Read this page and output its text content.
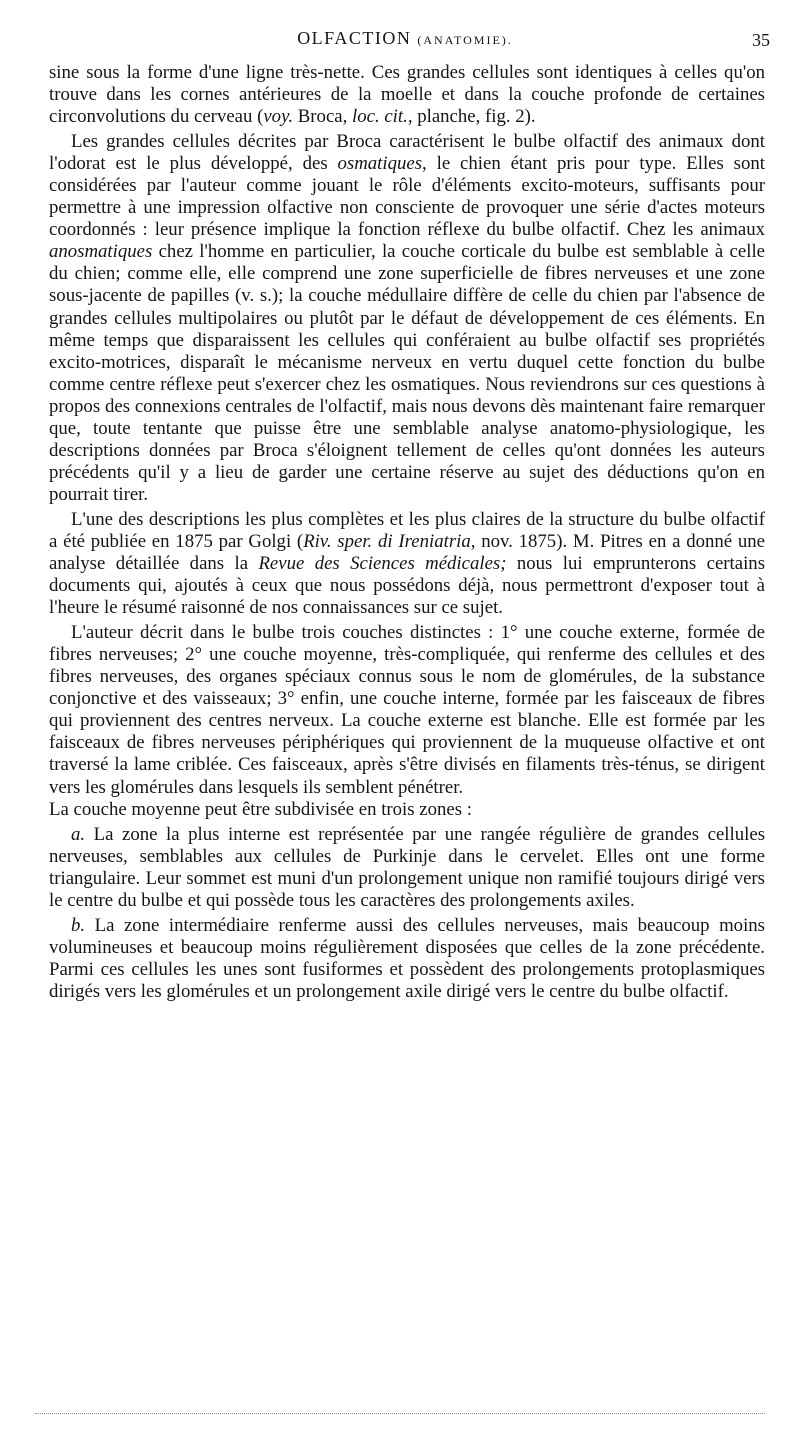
OLFACTION (ANATOMIE).	35

sine sous la forme d'une ligne très-nette. Ces grandes cellules sont identiques à celles qu'on trouve dans les cornes antérieures de la moelle et dans la couche profonde de certaines circonvolutions du cerveau (voy. Broca, loc. cit., planche, fig. 2).

Les grandes cellules décrites par Broca caractérisent le bulbe olfactif des animaux dont l'odorat est le plus développé, des osmatiques, le chien étant pris pour type. Elles sont considérées par l'auteur comme jouant le rôle d'éléments excito-moteurs, suffisants pour permettre à une impression olfactive non consciente de provoquer une série d'actes moteurs coordonnés : leur présence implique la fonction réflexe du bulbe olfactif. Chez les animaux anosmatiques chez l'homme en particulier, la couche corticale du bulbe est semblable à celle du chien; comme elle, elle comprend une zone superficielle de fibres nerveuses et une zone sous-jacente de papilles (v. s.); la couche médullaire diffère de celle du chien par l'absence de grandes cellules multipolaires ou plutôt par le défaut de développement de ces éléments. En même temps que disparaissent les cellules qui conféraient au bulbe olfactif ses propriétés excito-motrices, disparaît le mécanisme nerveux en vertu duquel cette fonction du bulbe comme centre réflexe peut s'exercer chez les osmatiques. Nous reviendrons sur ces questions à propos des connexions centrales de l'olfactif, mais nous devons dès maintenant faire remarquer que, toute tentante que puisse être une semblable analyse anatomo-physiologique, les descriptions données par Broca s'éloignent tellement de celles qu'ont données les auteurs précédents qu'il y a lieu de garder une certaine réserve au sujet des déductions qu'on en pourrait tirer.

L'une des descriptions les plus complètes et les plus claires de la structure du bulbe olfactif a été publiée en 1875 par Golgi (Riv. sper. di Ireniatria, nov. 1875). M. Pitres en a donné une analyse détaillée dans la Revue des Sciences médicales; nous lui emprunterons certains documents qui, ajoutés à ceux que nous possédons déjà, nous permettront d'exposer tout à l'heure le résumé raisonné de nos connaissances sur ce sujet.

L'auteur décrit dans le bulbe trois couches distinctes : 1° une couche externe, formée de fibres nerveuses; 2° une couche moyenne, très-compliquée, qui renferme des cellules et des fibres nerveuses, des organes spéciaux connus sous le nom de glomérules, de la substance conjonctive et des vaisseaux; 3° enfin, une couche interne, formée par les faisceaux de fibres qui proviennent des centres nerveux. La couche externe est blanche. Elle est formée par les faisceaux de fibres nerveuses périphériques qui proviennent de la muqueuse olfactive et ont traversé la lame criblée. Ces faisceaux, après s'être divisés en filaments très-ténus, se dirigent vers les glomérules dans lesquels ils semblent pénétrer.

La couche moyenne peut être subdivisée en trois zones :

a. La zone la plus interne est représentée par une rangée régulière de grandes cellules nerveuses, semblables aux cellules de Purkinje dans le cervelet. Elles ont une forme triangulaire. Leur sommet est muni d'un prolongement unique non ramifié toujours dirigé vers le centre du bulbe et qui possède tous les caractères des prolongements axiles.

b. La zone intermédiaire renferme aussi des cellules nerveuses, mais beaucoup moins volumineuses et beaucoup moins régulièrement disposées que celles de la zone précédente. Parmi ces cellules les unes sont fusiformes et possèdent des prolongements protoplasmiques dirigés vers les glomérules et un prolongement axile dirigé vers le centre du bulbe olfactif.
